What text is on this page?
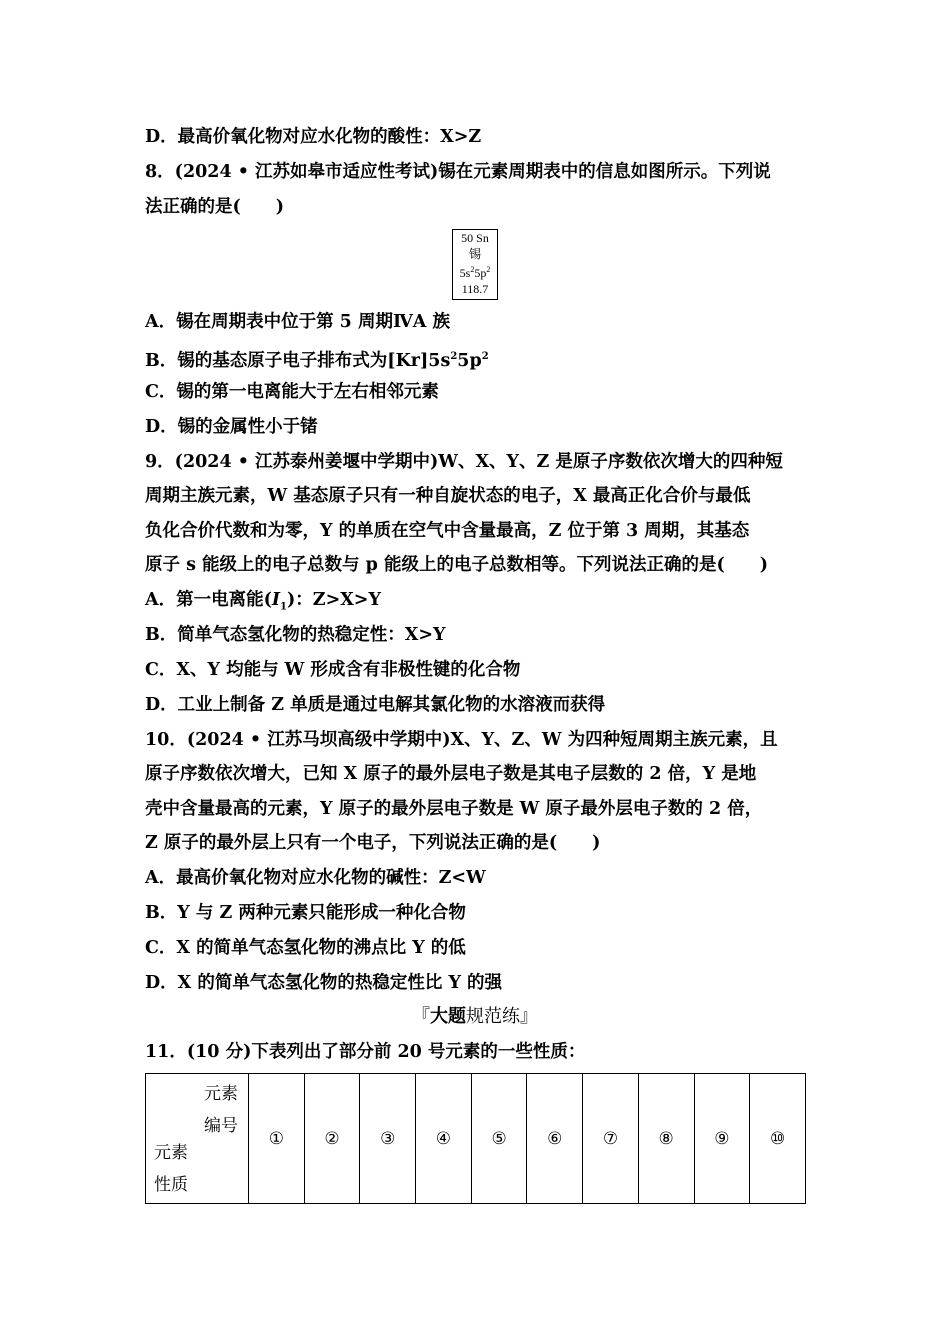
D．最高价氧化物对应水化物的酸性：X>Z
8．(2024 • 江苏如皋市适应性考试)锡在元素周期表中的信息如图所示。下列说
法正确的是(　　)
50 Sn
锡
$5s^25p^2$
118.7
A．锡在周期表中位于第 5 周期ⅣA 族
B．锡的基态原子电子排布式为$[Kr]5s^25p^2$
C．锡的第一电离能大于左右相邻元素
D．锡的金属性小于锗
9．(2024 • 江苏泰州姜堰中学期中)W、X、Y、Z 是原子序数依次增大的四种短
周期主族元素，W 基态原子只有一种自旋状态的电子，X 最高正化合价与最低
负化合价代数和为零，Y 的单质在空气中含量最高，Z 位于第 3 周期，其基态
原子 s 能级上的电子总数与 p 能级上的电子总数相等。下列说法正确的是(　　)
A．第一电离能$(I_1)$：Z>X>Y
B．简单气态氢化物的热稳定性：X>Y
C．X、Y 均能与 W 形成含有非极性键的化合物
D．工业上制备 Z 单质是通过电解其氯化物的水溶液而获得
10．(2024 • 江苏马坝高级中学期中)X、Y、Z、W 为四种短周期主族元素，且
原子序数依次增大，已知 X 原子的最外层电子数是其电子层数的 2 倍，Y 是地
壳中含量最高的元素，Y 原子的最外层电子数是 W 原子最外层电子数的 2 倍，
Z 原子的最外层上只有一个电子，下列说法正确的是(　　)
A．最高价氧化物对应水化物的碱性：Z<W
B．Y 与 Z 两种元素只能形成一种化合物
C．X 的简单气态氢化物的沸点比 Y 的低
D．X 的简单气态氢化物的热稳定性比 Y 的强
『大题规范练』
11．(10 分)下表列出了部分前 20 号元素的一些性质：
元素
编号
元素
性质
	①	②	③	④	⑤	⑥	⑦	⑧	⑨	⑩
